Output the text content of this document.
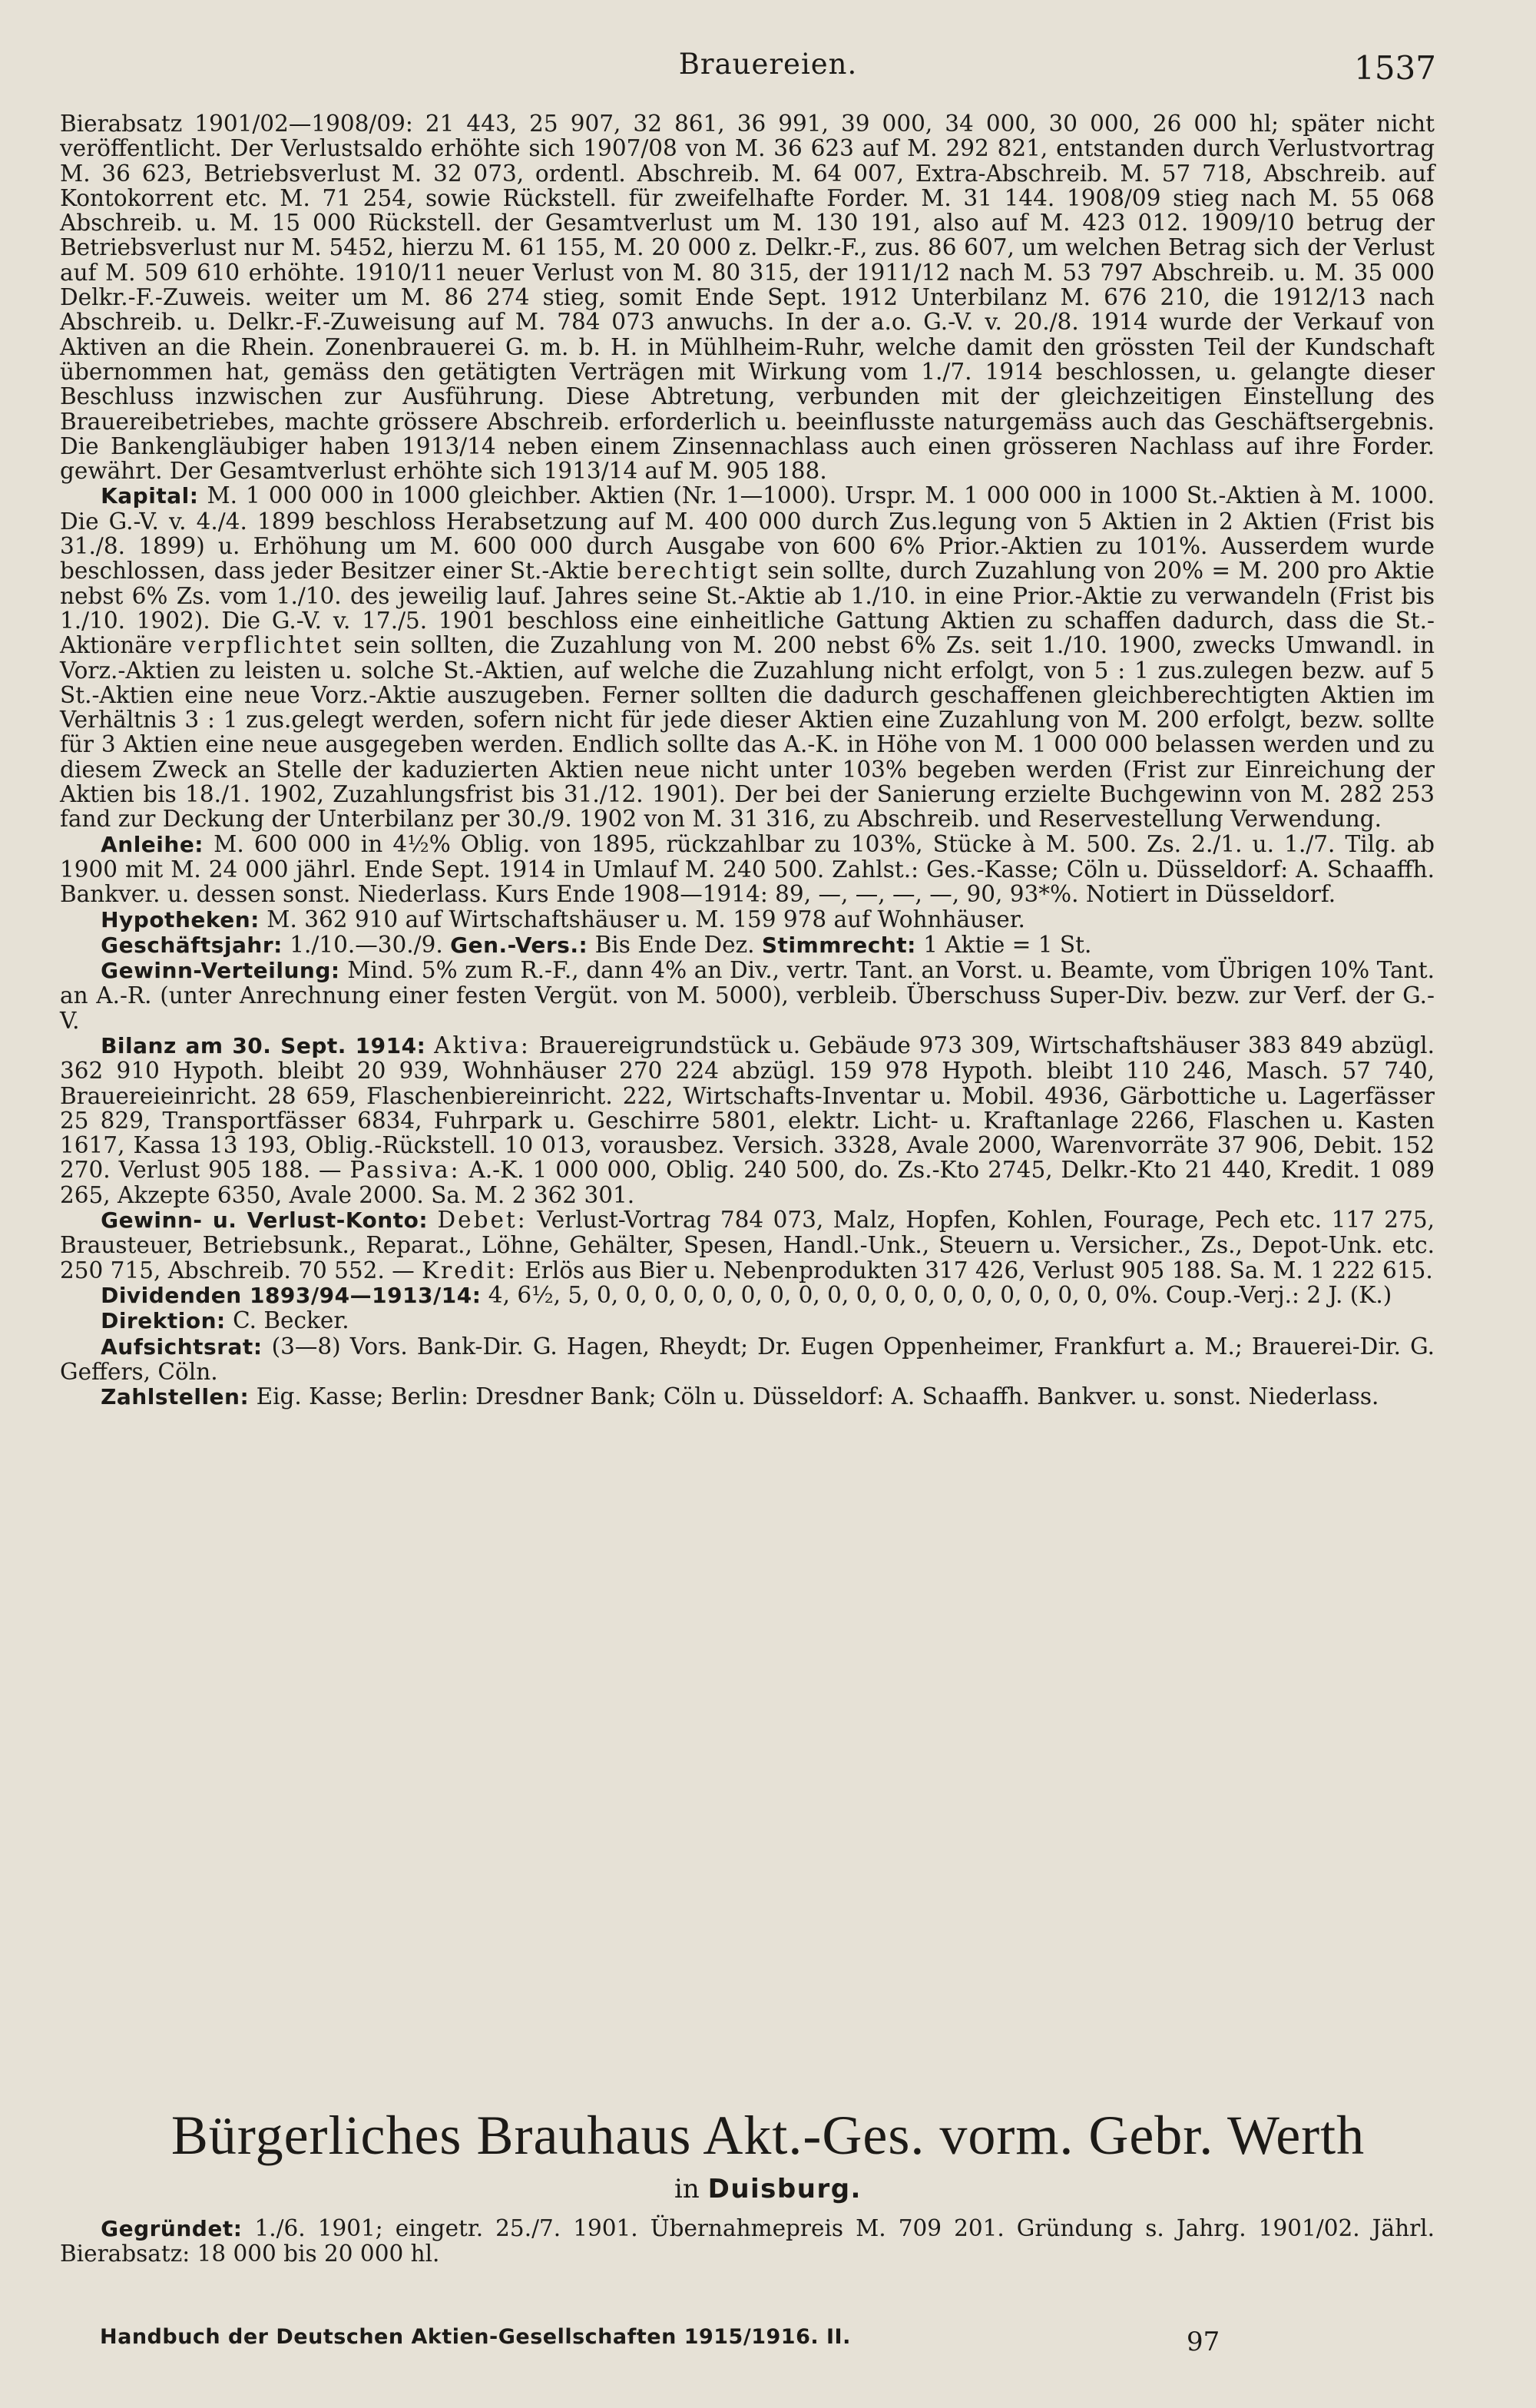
Brauereien.	1537

Bierabsatz 1901/02—1908/09: 21 443, 25 907, 32 861, 36 991, 39 000, 34 000, 30 000, 26 000 hl; später nicht veröffentlicht. Der Verlustsaldo erhöhte sich 1907/08 von M. 36 623 auf M. 292 821, entstanden durch Verlustvortrag M. 36 623, Betriebsverlust M. 32 073, ordentl. Abschreib. M. 64 007, Extra-Abschreib. M. 57 718, Abschreib. auf Kontokorrent etc. M. 71 254, sowie Rückstell. für zweifelhafte Forder. M. 31 144. 1908/09 stieg nach M. 55 068 Abschreib. u. M. 15 000 Rückstell. der Gesamtverlust um M. 130 191, also auf M. 423 012. 1909/10 betrug der Betriebsverlust nur M. 5452, hierzu M. 61 155, M. 20 000 z. Delkr.-F., zus. 86 607, um welchen Betrag sich der Verlust auf M. 509 610 erhöhte. 1910/11 neuer Verlust von M. 80 315, der 1911/12 nach M. 53 797 Abschreib. u. M. 35 000 Delkr.-F.-Zuweis. weiter um M. 86 274 stieg, somit Ende Sept. 1912 Unterbilanz M. 676 210, die 1912/13 nach Abschreib. u. Delkr.-F.-Zuweisung auf M. 784 073 anwuchs. In der a.o. G.-V. v. 20./8. 1914 wurde der Verkauf von Aktiven an die Rhein. Zonenbrauerei G. m. b. H. in Mühlheim-Ruhr, welche damit den grössten Teil der Kundschaft übernommen hat, gemäss den getätigten Verträgen mit Wirkung vom 1./7. 1914 beschlossen, u. gelangte dieser Beschluss inzwischen zur Ausführung. Diese Abtretung, verbunden mit der gleichzeitigen Einstellung des Brauereibetriebes, machte grössere Abschreib. erforderlich u. beeinflusste naturgemäss auch das Geschäftsergebnis. Die Bankengläubiger haben 1913/14 neben einem Zinsennachlass auch einen grösseren Nachlass auf ihre Forder. gewährt. Der Gesamtverlust erhöhte sich 1913/14 auf M. 905 188.

Kapital: M. 1 000 000 in 1000 gleichber. Aktien (Nr. 1—1000). Urspr. M. 1 000 000 in 1000 St.-Aktien à M. 1000. Die G.-V. v. 4./4. 1899 beschloss Herabsetzung auf M. 400 000 durch Zus.legung von 5 Aktien in 2 Aktien (Frist bis 31./8. 1899) u. Erhöhung um M. 600 000 durch Ausgabe von 600 6% Prior.-Aktien zu 101%. Ausserdem wurde beschlossen, dass jeder Besitzer einer St.-Aktie berechtigt sein sollte, durch Zuzahlung von 20% = M. 200 pro Aktie nebst 6% Zs. vom 1./10. des jeweilig lauf. Jahres seine St.-Aktie ab 1./10. in eine Prior.-Aktie zu verwandeln (Frist bis 1./10. 1902). Die G.-V. v. 17./5. 1901 beschloss eine einheitliche Gattung Aktien zu schaffen dadurch, dass die St.-Aktionäre verpflichtet sein sollten, die Zuzahlung von M. 200 nebst 6% Zs. seit 1./10. 1900, zwecks Umwandl. in Vorz.-Aktien zu leisten u. solche St.-Aktien, auf welche die Zuzahlung nicht erfolgt, von 5 : 1 zus.zulegen bezw. auf 5 St.-Aktien eine neue Vorz.-Aktie auszugeben. Ferner sollten die dadurch geschaffenen gleichberechtigten Aktien im Verhältnis 3 : 1 zus.gelegt werden, sofern nicht für jede dieser Aktien eine Zuzahlung von M. 200 erfolgt, bezw. sollte für 3 Aktien eine neue ausgegeben werden. Endlich sollte das A.-K. in Höhe von M. 1 000 000 belassen werden und zu diesem Zweck an Stelle der kaduzierten Aktien neue nicht unter 103% begeben werden (Frist zur Einreichung der Aktien bis 18./1. 1902, Zuzahlungsfrist bis 31./12. 1901). Der bei der Sanierung erzielte Buchgewinn von M. 282 253 fand zur Deckung der Unterbilanz per 30./9. 1902 von M. 31 316, zu Abschreib. und Reservestellung Verwendung.

Anleihe: M. 600 000 in 4½% Oblig. von 1895, rückzahlbar zu 103%, Stücke à M. 500. Zs. 2./1. u. 1./7. Tilg. ab 1900 mit M. 24 000 jährl. Ende Sept. 1914 in Umlauf M. 240 500. Zahlst.: Ges.-Kasse; Cöln u. Düsseldorf: A. Schaaffh. Bankver. u. dessen sonst. Niederlass. Kurs Ende 1908—1914: 89, —, —, —, —, 90, 93*%. Notiert in Düsseldorf.

Hypotheken: M. 362 910 auf Wirtschaftshäuser u. M. 159 978 auf Wohnhäuser.

Geschäftsjahr: 1./10.—30./9. Gen.-Vers.: Bis Ende Dez. Stimmrecht: 1 Aktie = 1 St.

Gewinn-Verteilung: Mind. 5% zum R.-F., dann 4% an Div., vertr. Tant. an Vorst. u. Beamte, vom Übrigen 10% Tant. an A.-R. (unter Anrechnung einer festen Vergüt. von M. 5000), verbleib. Überschuss Super-Div. bezw. zur Verf. der G.-V.

Bilanz am 30. Sept. 1914: Aktiva: Brauereigrundstück u. Gebäude 973 309, Wirtschaftshäuser 383 849 abzügl. 362 910 Hypoth. bleibt 20 939, Wohnhäuser 270 224 abzügl. 159 978 Hypoth. bleibt 110 246, Masch. 57 740, Brauereieinricht. 28 659, Flaschenbiereinricht. 222, Wirtschafts-Inventar u. Mobil. 4936, Gärbottiche u. Lagerfässer 25 829, Transportfässer 6834, Fuhrpark u. Geschirre 5801, elektr. Licht- u. Kraftanlage 2266, Flaschen u. Kasten 1617, Kassa 13 193, Oblig.-Rückstell. 10 013, vorausbez. Versich. 3328, Avale 2000, Warenvorräte 37 906, Debit. 152 270. Verlust 905 188. — Passiva: A.-K. 1 000 000, Oblig. 240 500, do. Zs.-Kto 2745, Delkr.-Kto 21 440, Kredit. 1 089 265, Akzepte 6350, Avale 2000. Sa. M. 2 362 301.

Gewinn- u. Verlust-Konto: Debet: Verlust-Vortrag 784 073, Malz, Hopfen, Kohlen, Fourage, Pech etc. 117 275, Brausteuer, Betriebsunk., Reparat., Löhne, Gehälter, Spesen, Handl.-Unk., Steuern u. Versicher., Zs., Depot-Unk. etc. 250 715, Abschreib. 70 552. — Kredit: Erlös aus Bier u. Nebenprodukten 317 426, Verlust 905 188. Sa. M. 1 222 615.

Dividenden 1893/94—1913/14: 4, 6½, 5, 0, 0, 0, 0, 0, 0, 0, 0, 0, 0, 0, 0, 0, 0, 0, 0, 0, 0, 0%. Coup.-Verj.: 2 J. (K.)

Direktion: C. Becker.

Aufsichtsrat: (3—8) Vors. Bank-Dir. G. Hagen, Rheydt; Dr. Eugen Oppenheimer, Frankfurt a. M.; Brauerei-Dir. G. Geffers, Cöln.

Zahlstellen: Eig. Kasse; Berlin: Dresdner Bank; Cöln u. Düsseldorf: A. Schaaffh. Bankver. u. sonst. Niederlass.

Bürgerliches Brauhaus Akt.-Ges. vorm. Gebr. Werth
in Duisburg.

Gegründet: 1./6. 1901; eingetr. 25./7. 1901. Übernahmepreis M. 709 201. Gründung s. Jahrg. 1901/02. Jährl. Bierabsatz: 18 000 bis 20 000 hl.

Handbuch der Deutschen Aktien-Gesellschaften 1915/1916. II.	97
